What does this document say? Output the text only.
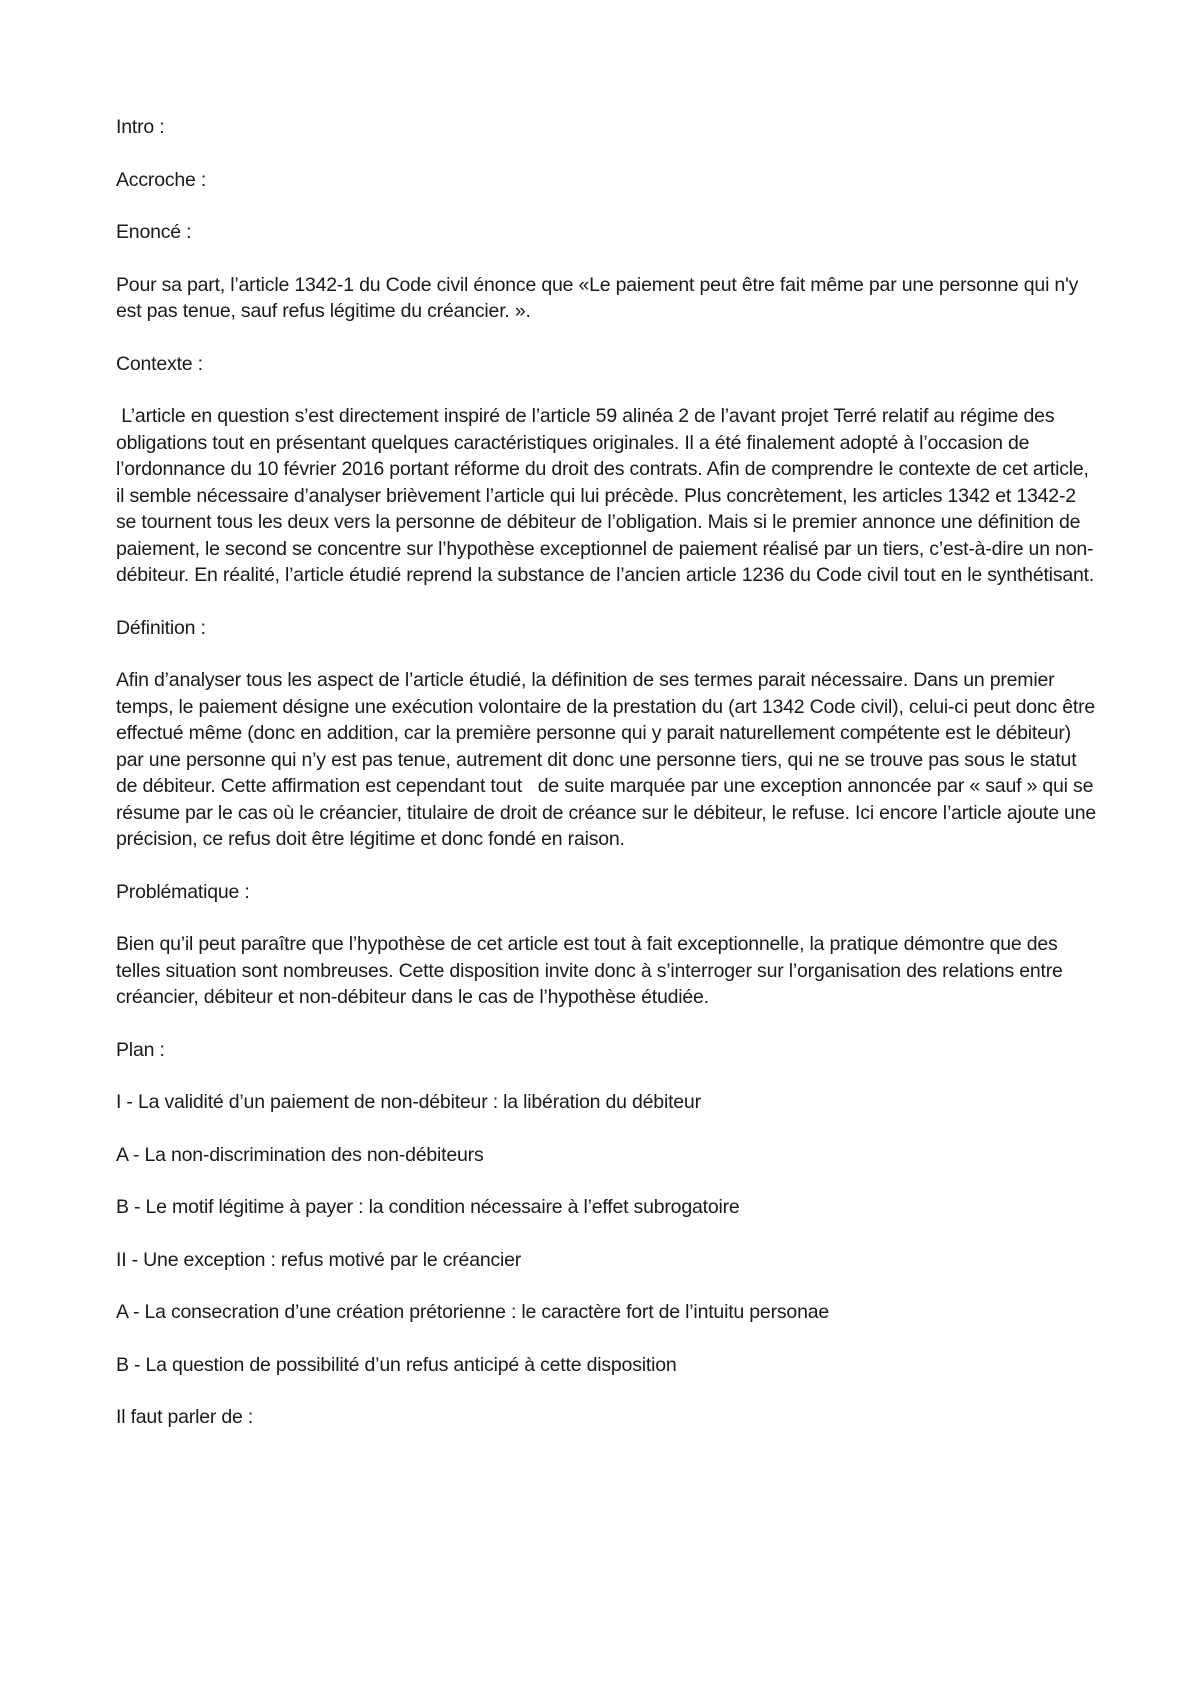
Intro :

Accroche :

Enoncé :

Pour sa part, l’article 1342-1 du Code civil énonce que «Le paiement peut être fait même par une personne qui n'y est pas tenue, sauf refus légitime du créancier. ».

Contexte :

L’article en question s’est directement inspiré de l’article 59 alinéa 2 de l’avant projet Terré relatif au régime des obligations tout en présentant quelques caractéristiques originales. Il a été finalement adopté à l’occasion de l’ordonnance du 10 février 2016 portant réforme du droit des contrats. Afin de comprendre le contexte de cet article, il semble nécessaire d’analyser brièvement l’article qui lui précède. Plus concrètement, les articles 1342 et 1342-2 se tournent tous les deux vers la personne de débiteur de l’obligation. Mais si le premier annonce une définition de paiement, le second se concentre sur l’hypothèse exceptionnel de paiement réalisé par un tiers, c’est-à-dire un non-débiteur. En réalité, l’article étudié reprend la substance de l’ancien article 1236 du Code civil tout en le synthétisant.

Définition :

Afin d’analyser tous les aspect de l’article étudié, la définition de ses termes parait nécessaire. Dans un premier temps, le paiement désigne une exécution volontaire de la prestation du (art 1342 Code civil), celui-ci peut donc être effectué même (donc en addition, car la première personne qui y parait naturellement compétente est le débiteur) par une personne qui n’y est pas tenue, autrement dit donc une personne tiers, qui ne se trouve pas sous le statut de débiteur. Cette affirmation est cependant tout   de suite marquée par une exception annoncée par « sauf » qui se résume par le cas où le créancier, titulaire de droit de créance sur le débiteur, le refuse. Ici encore l’article ajoute une précision, ce refus doit être légitime et donc fondé en raison.

Problématique :

Bien qu’il peut paraître que l’hypothèse de cet article est tout à fait exceptionnelle, la pratique démontre que des telles situation sont nombreuses. Cette disposition invite donc à s’interroger sur l’organisation des relations entre créancier, débiteur et non-débiteur dans le cas de l’hypothèse étudiée.

Plan :

I - La validité d’un paiement de non-débiteur : la libération du débiteur

A - La non-discrimination des non-débiteurs

B - Le motif légitime à payer : la condition nécessaire à l’effet subrogatoire

II - Une exception : refus motivé par le créancier

A - La consecration d’une création prétorienne : le caractère fort de l’intuitu personae

B - La question de possibilité d’un refus anticipé à cette disposition

Il faut parler de :
